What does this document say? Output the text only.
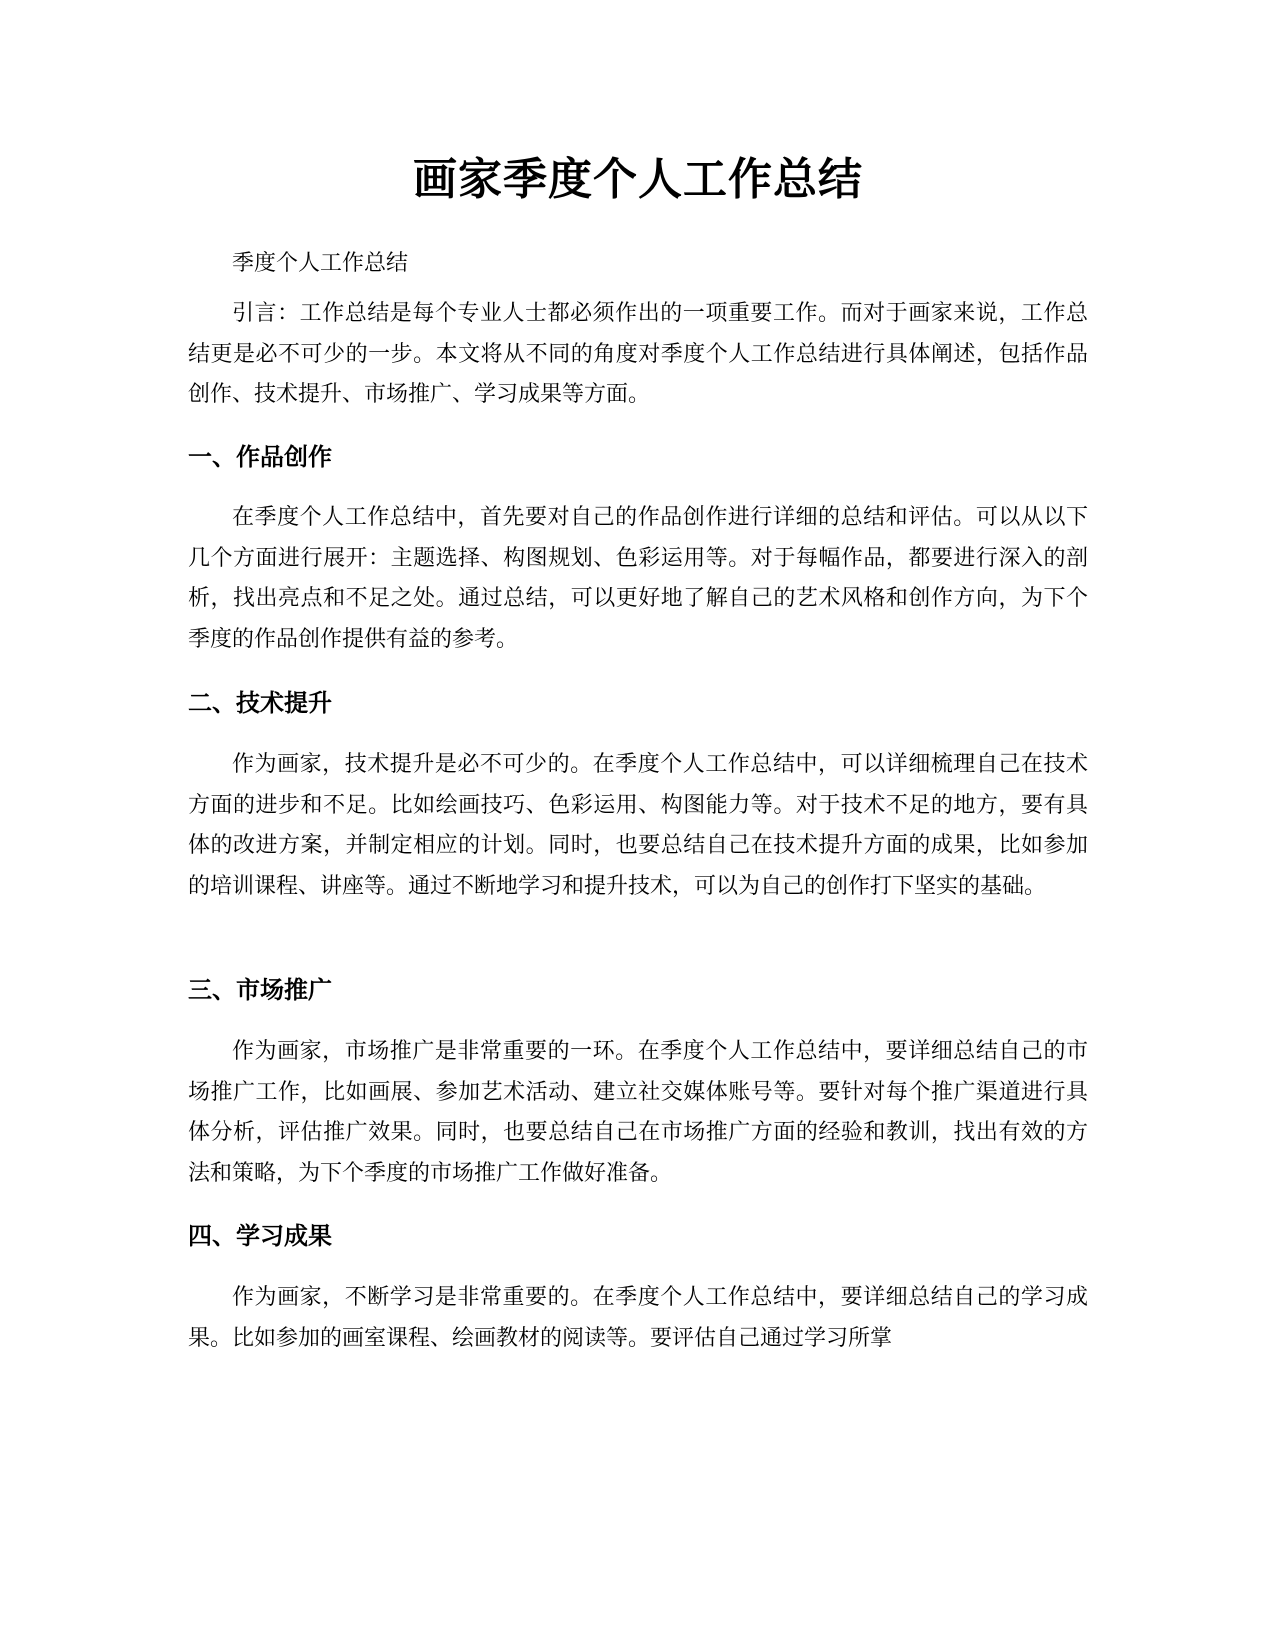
画家季度个人工作总结

季度个人工作总结

引言：工作总结是每个专业人士都必须作出的一项重要工作。而对于画家来说，工作总结更是必不可少的一步。本文将从不同的角度对季度个人工作总结进行具体阐述，包括作品创作、技术提升、市场推广、学习成果等方面。

一、作品创作

在季度个人工作总结中，首先要对自己的作品创作进行详细的总结和评估。可以从以下几个方面进行展开：主题选择、构图规划、色彩运用等。对于每幅作品，都要进行深入的剖析，找出亮点和不足之处。通过总结，可以更好地了解自己的艺术风格和创作方向，为下个季度的作品创作提供有益的参考。

二、技术提升

作为画家，技术提升是必不可少的。在季度个人工作总结中，可以详细梳理自己在技术方面的进步和不足。比如绘画技巧、色彩运用、构图能力等。对于技术不足的地方，要有具体的改进方案，并制定相应的计划。同时，也要总结自己在技术提升方面的成果，比如参加的培训课程、讲座等。通过不断地学习和提升技术，可以为自己的创作打下坚实的基础。

三、市场推广

作为画家，市场推广是非常重要的一环。在季度个人工作总结中，要详细总结自己的市场推广工作，比如画展、参加艺术活动、建立社交媒体账号等。要针对每个推广渠道进行具体分析，评估推广效果。同时，也要总结自己在市场推广方面的经验和教训，找出有效的方法和策略，为下个季度的市场推广工作做好准备。

四、学习成果

作为画家，不断学习是非常重要的。在季度个人工作总结中，要详细总结自己的学习成果。比如参加的画室课程、绘画教材的阅读等。要评估自己通过学习所掌
